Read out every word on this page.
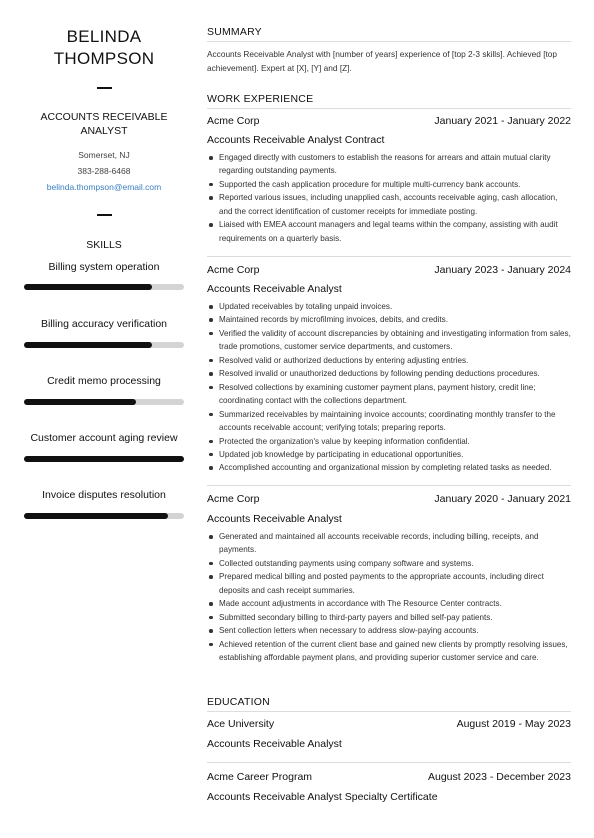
BELINDA
THOMPSON
ACCOUNTS RECEIVABLE ANALYST
Somerset, NJ
383-288-6468
belinda.thompson@email.com
SKILLS
Billing system operation
Billing accuracy verification
Credit memo processing
Customer account aging review
Invoice disputes resolution
SUMMARY
Accounts Receivable Analyst with [number of years] experience of [top 2-3 skills]. Achieved [top achievement]. Expert at [X], [Y] and [Z].
WORK EXPERIENCE
Acme Corp	January 2021 - January 2022
Accounts Receivable Analyst Contract
Engaged directly with customers to establish the reasons for arrears and attain mutual clarity regarding outstanding payments.
Supported the cash application procedure for multiple multi-currency bank accounts.
Reported various issues, including unapplied cash, accounts receivable aging, cash allocation, and the correct identification of customer receipts for immediate posting.
Liaised with EMEA account managers and legal teams within the company, assisting with audit requirements on a quarterly basis.
Acme Corp	January 2023 - January 2024
Accounts Receivable Analyst
Updated receivables by totaling unpaid invoices.
Maintained records by microfilming invoices, debits, and credits.
Verified the validity of account discrepancies by obtaining and investigating information from sales, trade promotions, customer service departments, and customers.
Resolved valid or authorized deductions by entering adjusting entries.
Resolved invalid or unauthorized deductions by following pending deductions procedures.
Resolved collections by examining customer payment plans, payment history, credit line; coordinating contact with the collections department.
Summarized receivables by maintaining invoice accounts; coordinating monthly transfer to the accounts receivable account; verifying totals; preparing reports.
Protected the organization's value by keeping information confidential.
Updated job knowledge by participating in educational opportunities.
Accomplished accounting and organizational mission by completing related tasks as needed.
Acme Corp	January 2020 - January 2021
Accounts Receivable Analyst
Generated and maintained all accounts receivable records, including billing, receipts, and payments.
Collected outstanding payments using company software and systems.
Prepared medical billing and posted payments to the appropriate accounts, including direct deposits and cash receipt summaries.
Made account adjustments in accordance with The Resource Center contracts.
Submitted secondary billing to third-party payers and billed self-pay patients.
Sent collection letters when necessary to address slow-paying accounts.
Achieved retention of the current client base and gained new clients by promptly resolving issues, establishing affordable payment plans, and providing superior customer service and care.
EDUCATION
Ace University	August 2019 - May 2023
Accounts Receivable Analyst
Acme Career Program	August 2023 - December 2023
Accounts Receivable Analyst Specialty Certificate
